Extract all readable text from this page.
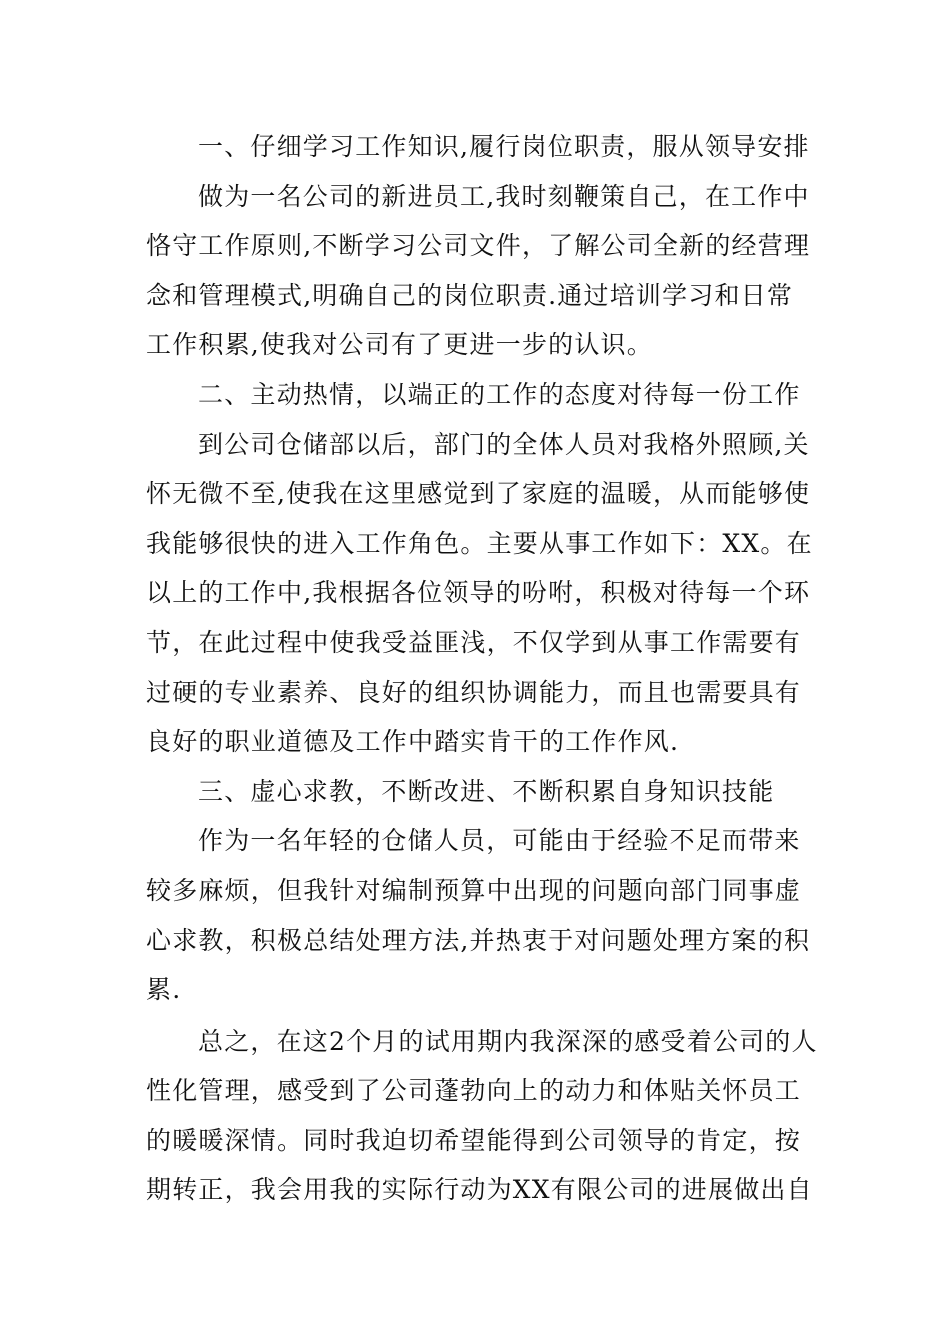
一、仔细学习工作知识,履行岗位职责，服从领导安排
做为一名公司的新进员工,我时刻鞭策自己，在工作中
恪守工作原则,不断学习公司文件，了解公司全新的经营理
念和管理模式,明确自己的岗位职责.通过培训学习和日常
工作积累,使我对公司有了更进一步的认识。
二、主动热情，以端正的工作的态度对待每一份工作
到公司仓储部以后，部门的全体人员对我格外照顾,关
怀无微不至,使我在这里感觉到了家庭的温暖，从而能够使
我能够很快的进入工作角色。主要从事工作如下：XX。在
以上的工作中,我根据各位领导的吩咐，积极对待每一个环
节，在此过程中使我受益匪浅，不仅学到从事工作需要有
过硬的专业素养、良好的组织协调能力，而且也需要具有
良好的职业道德及工作中踏实肯干的工作作风.
三、虚心求教，不断改进、不断积累自身知识技能
作为一名年轻的仓储人员，可能由于经验不足而带来
较多麻烦，但我针对编制预算中出现的问题向部门同事虚
心求教，积极总结处理方法,并热衷于对问题处理方案的积
累.
总之，在这2个月的试用期内我深深的感受着公司的人
性化管理，感受到了公司蓬勃向上的动力和体贴关怀员工
的暖暖深情。同时我迫切希望能得到公司领导的肯定，按
期转正，我会用我的实际行动为XX有限公司的进展做出自
